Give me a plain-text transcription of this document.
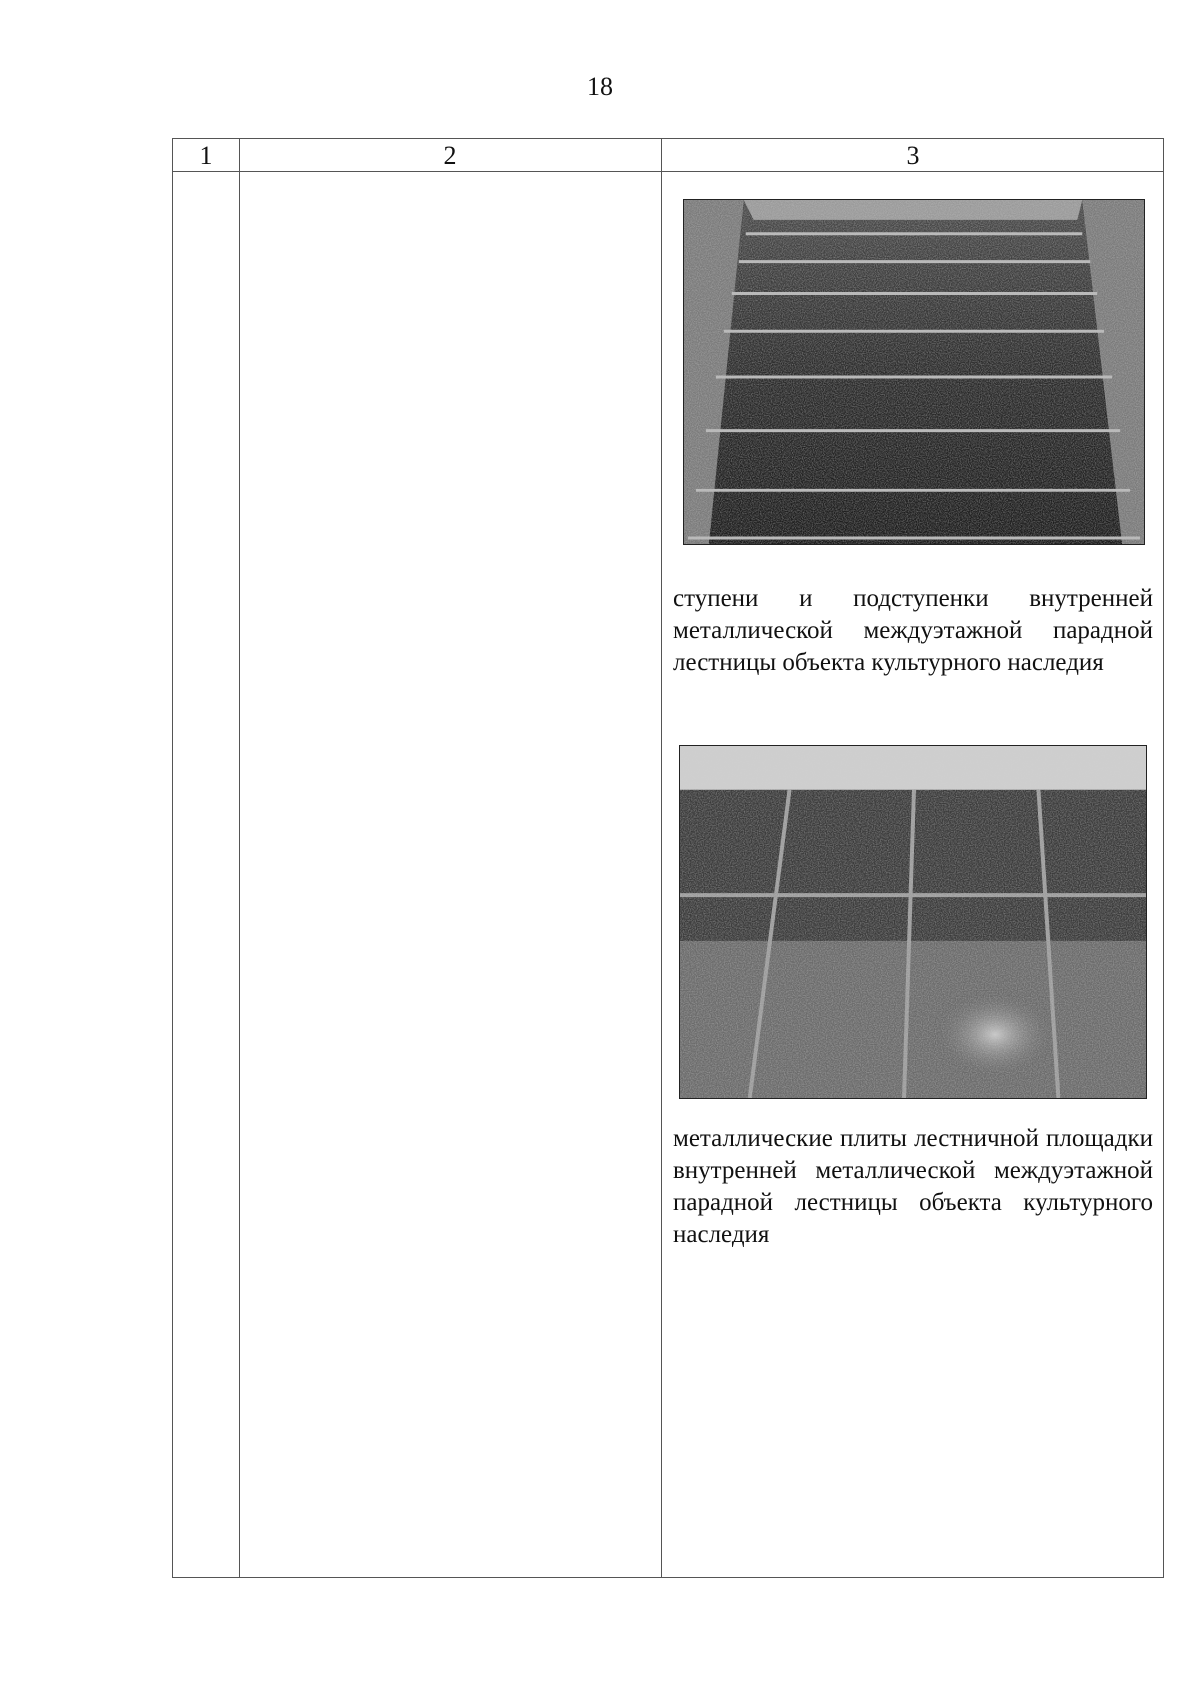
18
1	2	3
ступени и подступенки внутренней металлической междуэтажной парадной лестницы объекта культурного наследия
металлические плиты лестничной площадки внутренней металлической междуэтажной парадной лестницы объекта культурного наследия
